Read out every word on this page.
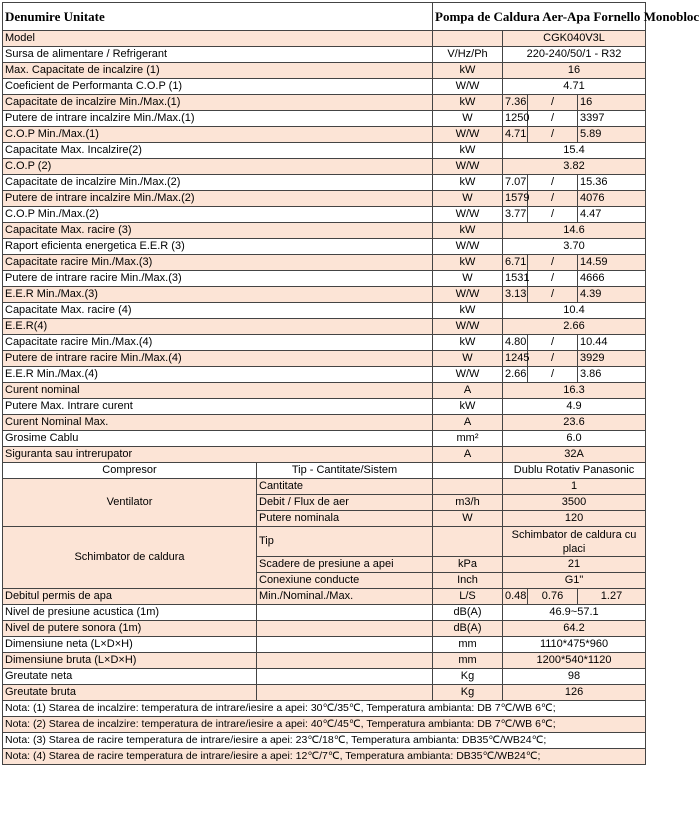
Denumire Unitate		Pompa de Caldura Aer-Apa Fornello Monobloc			
Model			CGK040V3L		
Sursa de alimentare / Refrigerant		V/Hz/Ph	220-240/50/1 - R32		
Max. Capacitate de incalzire (1)		kW	16		
Coeficient de Performanta C.O.P (1)		W/W	4.71		
Capacitate de incalzire Min./Max.(1)		kW	7.36	/	16
Putere de intrare incalzire Min./Max.(1)		W	1250	/	3397
C.O.P Min./Max.(1)		W/W	4.71	/	5.89
Capacitate Max. Incalzire(2)		kW	15.4		
C.O.P (2)		W/W	3.82		
Capacitate de incalzire Min./Max.(2)		kW	7.07	/	15.36
Putere de intrare incalzire Min./Max.(2)		W	1579	/	4076
C.O.P Min./Max.(2)		W/W	3.77	/	4.47
Capacitate Max. racire (3)		kW	14.6		
Raport eficienta energetica E.E.R (3)		W/W	3.70		
Capacitate racire Min./Max.(3)		kW	6.71	/	14.59
Putere de intrare racire Min./Max.(3)		W	1531	/	4666
E.E.R Min./Max.(3)		W/W	3.13	/	4.39
Capacitate Max. racire (4)		kW	10.4		
E.E.R(4)		W/W	2.66		
Capacitate racire Min./Max.(4)		kW	4.80	/	10.44
Putere de intrare racire Min./Max.(4)		W	1245	/	3929
E.E.R Min./Max.(4)		W/W	2.66	/	3.86
Curent nominal		A	16.3		
Putere Max. Intrare curent		kW	4.9		
Curent Nominal Max.		A	23.6		
Grosime Cablu		mm²	6.0		
Siguranta sau intrerupator		A	32A		
Compresor	Tip - Cantitate/Sistem		Dublu Rotativ Panasonic		
Ventilator	Cantitate		1		
	Debit / Flux de aer	m3/h	3500		
	Putere nominala	W	120		
Schimbator de caldura	Tip		Schimbator de caldura cu placi		
	Scadere de presiune a apei	kPa	21		
	Conexiune conducte	Inch	G1"		
Debitul permis de apa	Min./Nominal./Max.	L/S	0.48	0.76	1.27
Nivel de presiune acustica (1m)		dB(A)	46.9~57.1		
Nivel de putere sonora (1m)		dB(A)	64.2		
Dimensiune neta (L×D×H)		mm	1110*475*960		
Dimensiune bruta (L×D×H)		mm	1200*540*1120		
Greutate neta		Kg	98		
Greutate bruta		Kg	126		
Nota: (1) Starea de incalzire: temperatura de intrare/iesire a apei: 30℃/35℃, Temperatura ambianta: DB 7℃/WB 6℃;					
Nota: (2) Starea de incalzire: temperatura de intrare/iesire a apei: 40℃/45℃, Temperatura ambianta: DB 7℃/WB 6℃;					
Nota: (3) Starea de racire temperatura de intrare/iesire a apei: 23℃/18℃, Temperatura ambianta: DB35℃/WB24℃;					
Nota: (4) Starea de racire temperatura de intrare/iesire a apei: 12℃/7℃, Temperatura ambianta: DB35℃/WB24℃;					
